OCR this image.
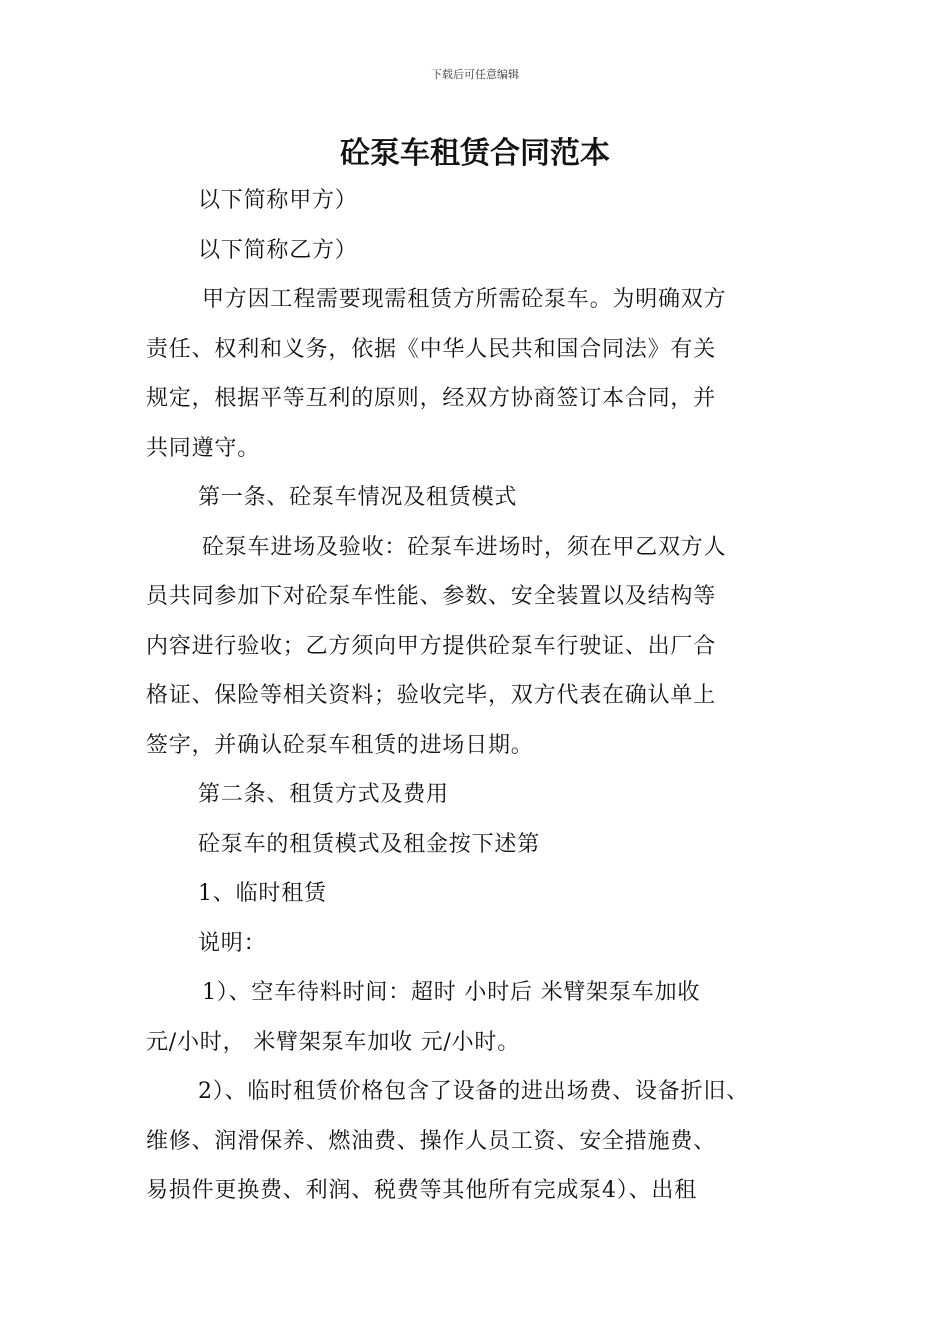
下载后可任意编辑
砼泵车租赁合同范本

以下简称甲方）

以下简称乙方）

甲方因工程需要现需租赁方所需砼泵车。为明确双方

责任、权利和义务，依据《中华人民共和国合同法》有关

规定，根据平等互利的原则，经双方协商签订本合同，并

共同遵守。

第一条、砼泵车情况及租赁模式

砼泵车进场及验收：砼泵车进场时，须在甲乙双方人

员共同参加下对砼泵车性能、参数、安全装置以及结构等

内容进行验收；乙方须向甲方提供砼泵车行驶证、出厂合

格证、保险等相关资料；验收完毕，双方代表在确认单上

签字，并确认砼泵车租赁的进场日期。

第二条、租赁方式及费用

砼泵车的租赁模式及租金按下述第

1、临时租赁

说明：

1）、空车待料时间：超时 小时后 米臂架泵车加收

元/小时， 米臂架泵车加收 元/小时。

2）、临时租赁价格包含了设备的进出场费、设备折旧、

维修、润滑保养、燃油费、操作人员工资、安全措施费、

易损件更换费、利润、税费等其他所有完成泵4）、出租
